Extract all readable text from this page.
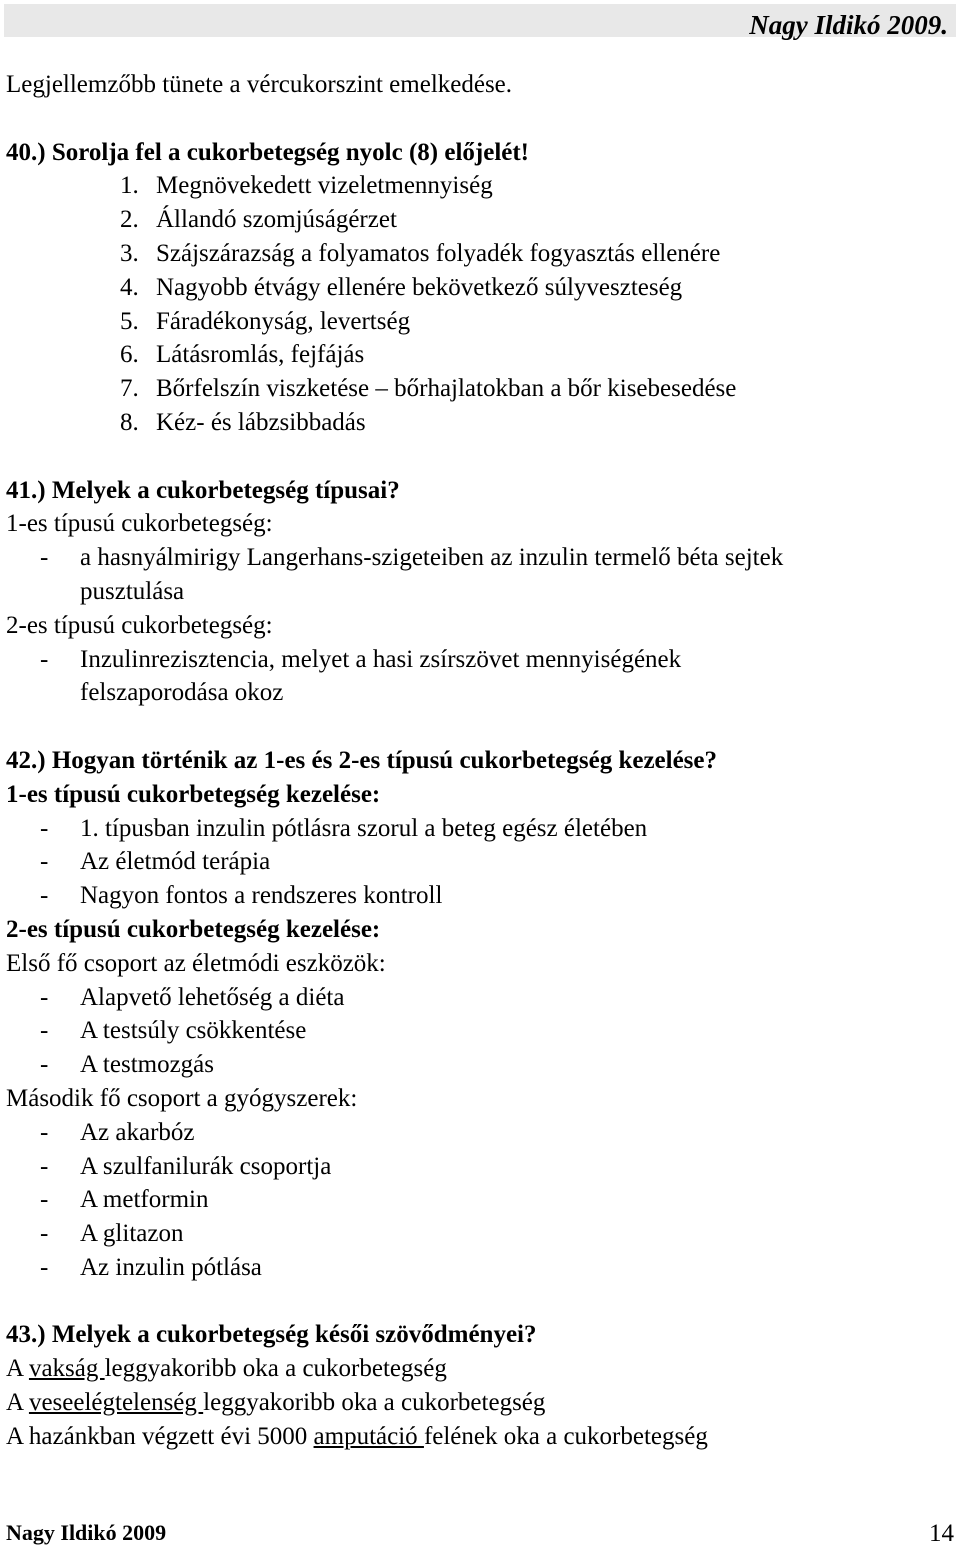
Nagy Ildikó 2009.
Legjellemzőbb tünete a vércukorszint emelkedése.
40.) Sorolja fel a cukorbetegség nyolc (8) előjelét!
1. Megnövekedett vizeletmennyiség
2. Állandó szomjúságérzet
3. Szájszárazság a folyamatos folyadék fogyasztás ellenére
4. Nagyobb étvágy ellenére bekövetkező súlyveszteség
5. Fáradékonyság, levertség
6. Látásromlás, fejfájás
7. Bőrfelszín viszketése – bőrhajlatokban a bőr kisebesedése
8. Kéz- és lábzsibbadás
41.) Melyek a cukorbetegség típusai?
1-es típusú cukorbetegség:
- a hasnyálmirigy Langerhans-szigeteiben az inzulin termelő béta sejtek
pusztulása
2-es típusú cukorbetegség:
- Inzulinrezisztencia, melyet a hasi zsírszövet mennyiségének
felszaporodása okoz
42.) Hogyan történik az 1-es és 2-es típusú cukorbetegség kezelése?
1-es típusú cukorbetegség kezelése:
- 1. típusban inzulin pótlásra szorul a beteg egész életében
- Az életmód terápia
- Nagyon fontos a rendszeres kontroll
2-es típusú cukorbetegség kezelése:
Első fő csoport az életmódi eszközök:
- Alapvető lehetőség a diéta
- A testsúly csökkentése
- A testmozgás
Második fő csoport a gyógyszerek:
- Az akarbóz
- A szulfanilurák csoportja
- A metformin
- A glitazon
- Az inzulin pótlása
43.) Melyek a cukorbetegség késői szövődményei?
A vakság leggyakoribb oka a cukorbetegség
A veseelégtelenség leggyakoribb oka a cukorbetegség
A hazánkban végzett évi 5000 amputáció felének oka a cukorbetegség
Nagy Ildikó 2009	14
